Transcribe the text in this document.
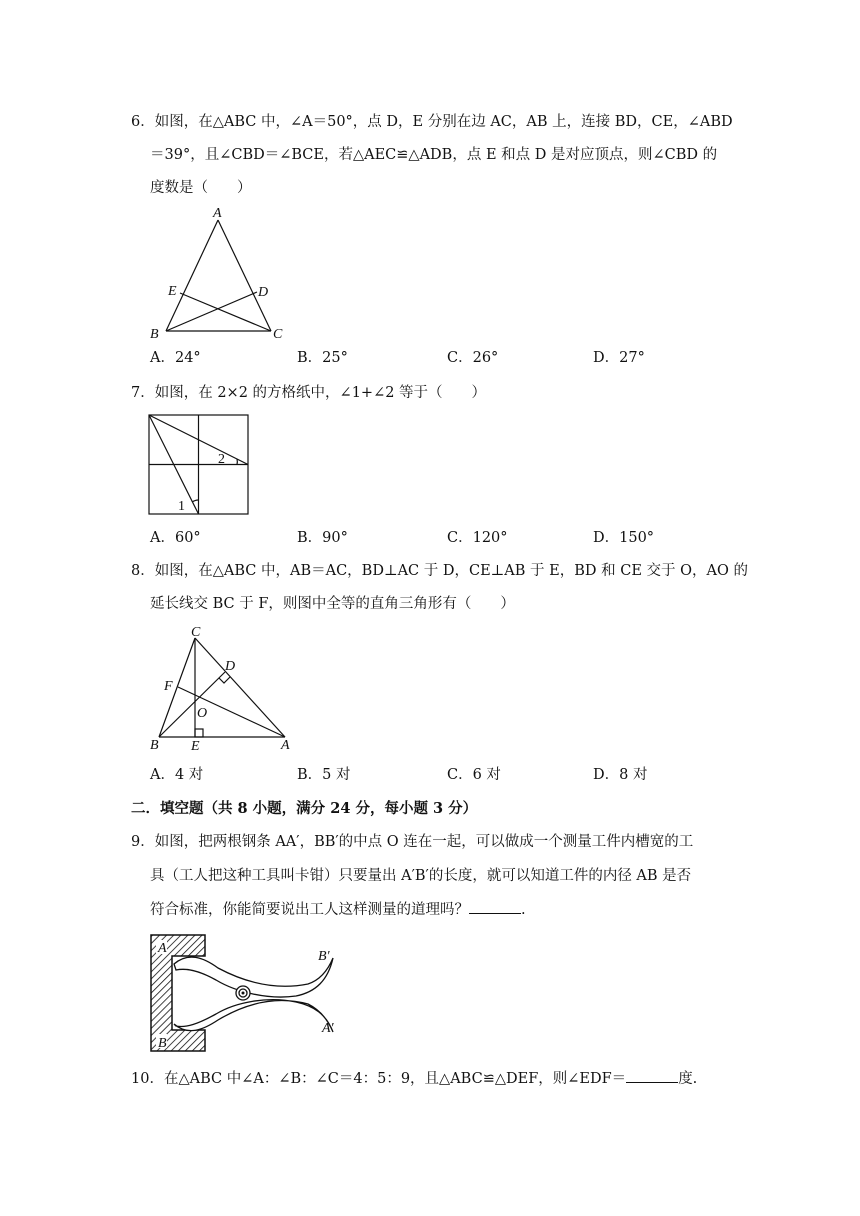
6．如图，在△ABC 中，∠A＝50°，点 D，E 分别在边 AC，AB 上，连接 BD，CE，∠ABD
＝39°，且∠CBD＝∠BCE，若△AEC≌△ADB，点 E 和点 D 是对应顶点，则∠CBD 的
度数是（　　）
A
E	D
B	C
A．24°	B．25°	C．26°	D．27°
7．如图，在 2×2 的方格纸中，∠1+∠2 等于（　　）
1
2
A．60°	B．90°	C．120°	D．150°
8．如图，在△ABC 中，AB＝AC，BD⊥AC 于 D，CE⊥AB 于 E，BD 和 CE 交于 O，AO 的
延长线交 BC 于 F，则图中全等的直角三角形有（　　）
C
D
F
O
B E	A
A．4 对	B．5 对	C．6 对	D．8 对
二．填空题（共 8 小题，满分 24 分，每小题 3 分）
9．如图，把两根钢条 AA′，BB′的中点 O 连在一起，可以做成一个测量工件内槽宽的工
具（工人把这种工具叫卡钳）只要量出 A′B′的长度，就可以知道工件的内径 AB 是否
符合标准，你能简要说出工人这样测量的道理吗？	.
A
B
B′
A′
10．在△ABC 中∠A：∠B：∠C＝4：5：9，且△ABC≌△DEF，则∠EDF＝	度.
